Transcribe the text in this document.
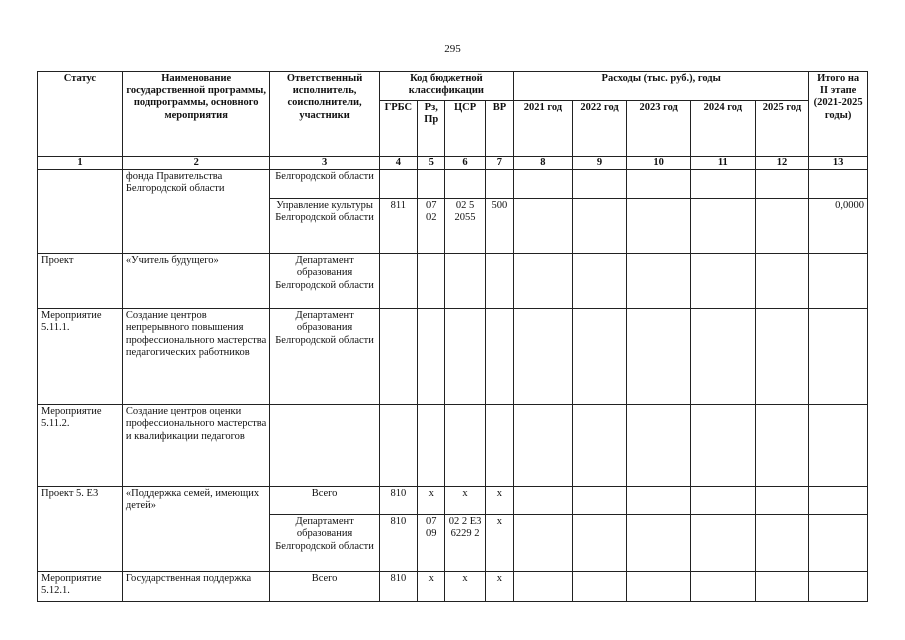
295
Статус	Наименование государственной программы, подпрограммы, основного мероприятия	Ответственный исполнитель, соисполнители, участники	Код бюджетной классификации				Расходы (тыс. руб.), годы					Итого на II этапе (2021-2025 годы)
			ГРБС	Рз, Пр	ЦСР	ВР	2021 год	2022 год	2023 год	2024 год	2025 год	
1	2	3	4	5	6	7	8	9	10	11	12	13
	фонда Правительства Белгородской области	Белгородской области										
		Управление культуры Белгородской области	811	07 02	02 5 2055	500						0,0000
Проект	«Учитель будущего»	Департамент образования Белгородской области										
Мероприятие 5.11.1.	Создание центров непрерывного повышения профессионального мастерства педагогических работников	Департамент образования Белгородской области										
Мероприятие 5.11.2.	Создание центров оценки профессионального мастерства и квалификации педагогов											
Проект 5. Е3	«Поддержка семей, имеющих детей»	Всего	810	х	х	х						
		Департамент образования Белгородской области	810	07 09	02 2 Е3 6229 2	х						
Мероприятие 5.12.1.	Государственная поддержка	Всего	810	х	х	х						
